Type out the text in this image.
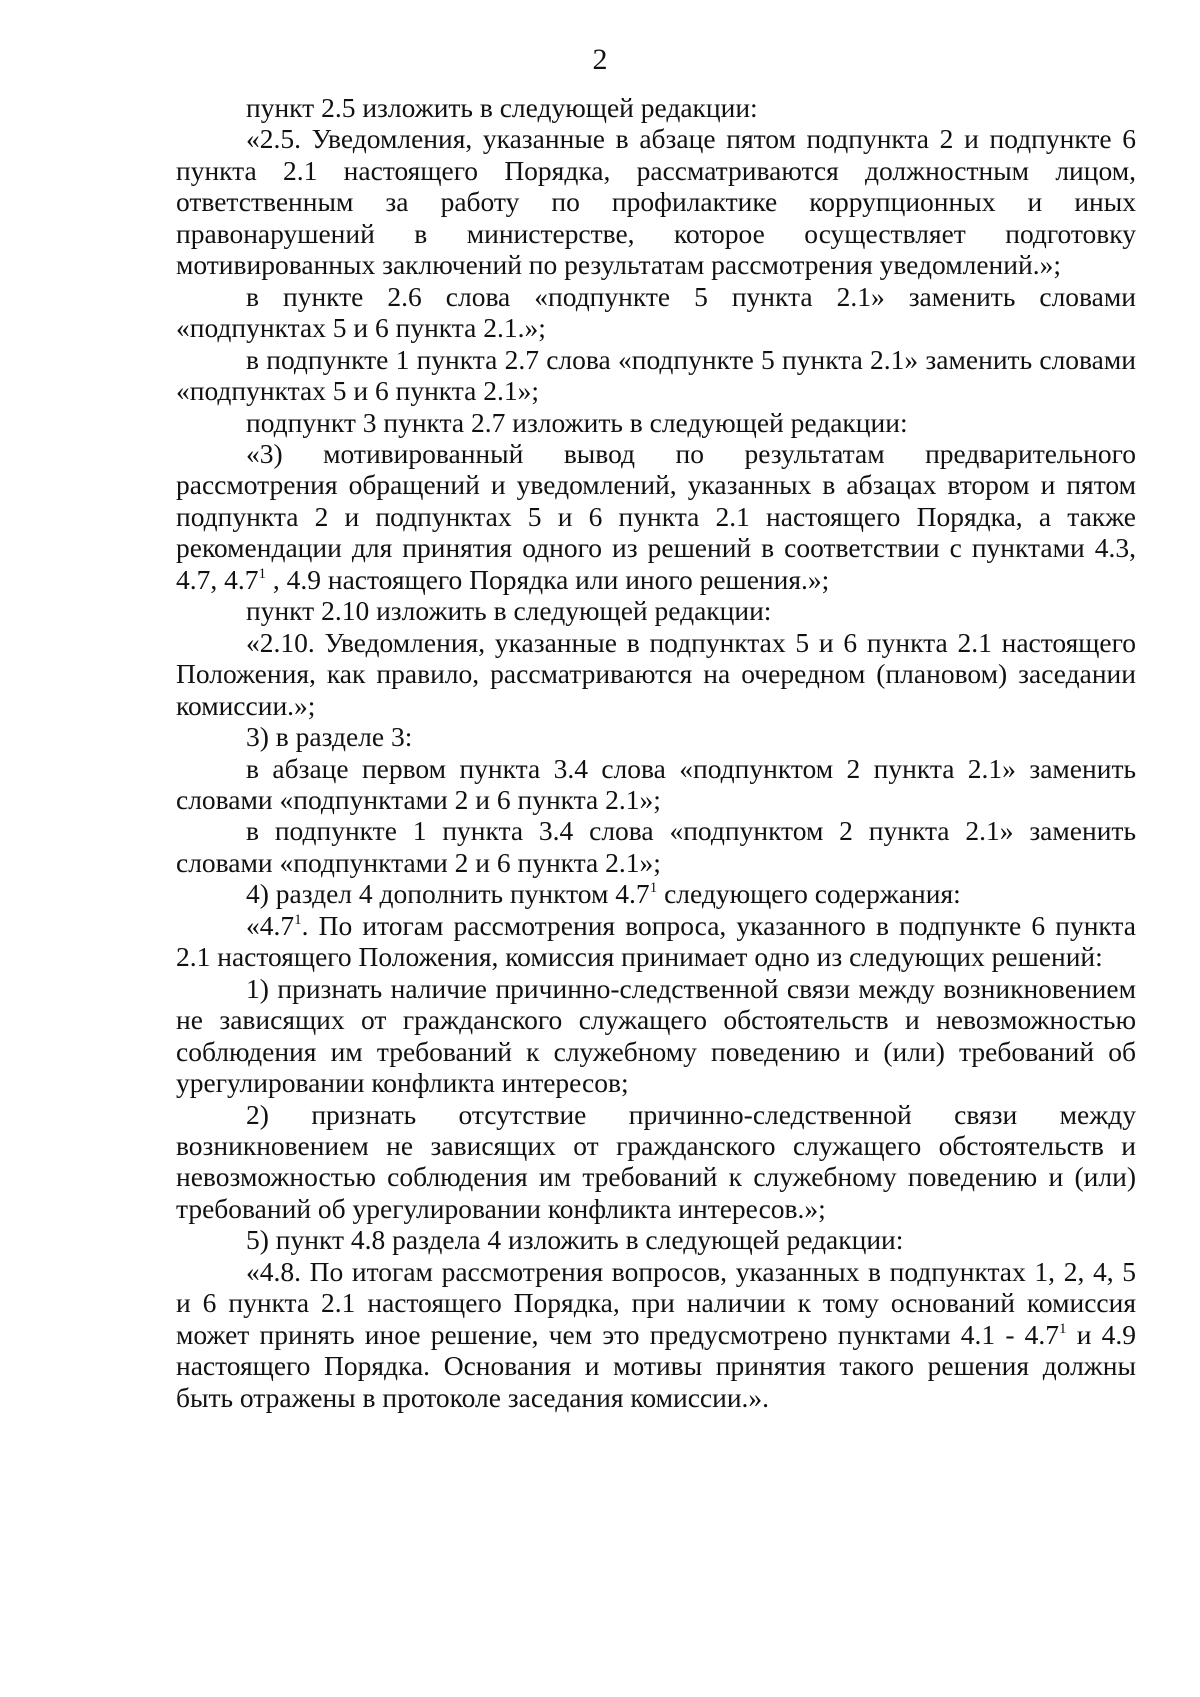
2

пункт 2.5 изложить в следующей редакции:

«2.5. Уведомления, указанные в абзаце пятом подпункта 2 и подпункте 6 пункта 2.1 настоящего Порядка, рассматриваются должностным лицом, ответственным за работу по профилактике коррупционных и иных правонарушений в министерстве, которое осуществляет подготовку мотивированных заключений по результатам рассмотрения уведомлений.»;

в пункте 2.6 слова «подпункте 5 пункта 2.1» заменить словами «подпунктах 5 и 6 пункта 2.1.»;

в подпункте 1 пункта 2.7 слова «подпункте 5 пункта 2.1» заменить словами «подпунктах 5 и 6 пункта 2.1»;

подпункт 3 пункта 2.7 изложить в следующей редакции:

«3) мотивированный вывод по результатам предварительного рассмотрения обращений и уведомлений, указанных в абзацах втором и пятом подпункта 2 и подпунктах 5 и 6 пункта 2.1 настоящего Порядка, а также рекомендации для принятия одного из решений в соответствии с пунктами 4.3, 4.7, $4.7^1$ , 4.9 настоящего Порядка или иного решения.»;

пункт 2.10 изложить в следующей редакции:

«2.10. Уведомления, указанные в подпунктах 5 и 6 пункта 2.1 настоящего Положения, как правило, рассматриваются на очередном (плановом) заседании комиссии.»;

3) в разделе 3:

в абзаце первом пункта 3.4 слова «подпунктом 2 пункта 2.1» заменить словами «подпунктами 2 и 6 пункта 2.1»;

в подпункте 1 пункта 3.4 слова «подпунктом 2 пункта 2.1» заменить словами «подпунктами 2 и 6 пункта 2.1»;

4) раздел 4 дополнить пунктом $4.7^1$ следующего содержания:

«$4.7^1$. По итогам рассмотрения вопроса, указанного в подпункте 6 пункта 2.1 настоящего Положения, комиссия принимает одно из следующих решений:

1) признать наличие причинно-следственной связи между возникновением не зависящих от гражданского служащего обстоятельств и невозможностью соблюдения им требований к служебному поведению и (или) требований об урегулировании конфликта интересов;

2) признать отсутствие причинно-следственной связи между возникновением не зависящих от гражданского служащего обстоятельств и невозможностью соблюдения им требований к служебному поведению и (или) требований об урегулировании конфликта интересов.»;

5) пункт 4.8 раздела 4 изложить в следующей редакции:

«4.8. По итогам рассмотрения вопросов, указанных в подпунктах 1, 2, 4, 5 и 6 пункта 2.1 настоящего Порядка, при наличии к тому оснований комиссия может принять иное решение, чем это предусмотрено пунктами $4.1 - 4.7^1$ и 4.9 настоящего Порядка. Основания и мотивы принятия такого решения должны быть отражены в протоколе заседания комиссии.».
